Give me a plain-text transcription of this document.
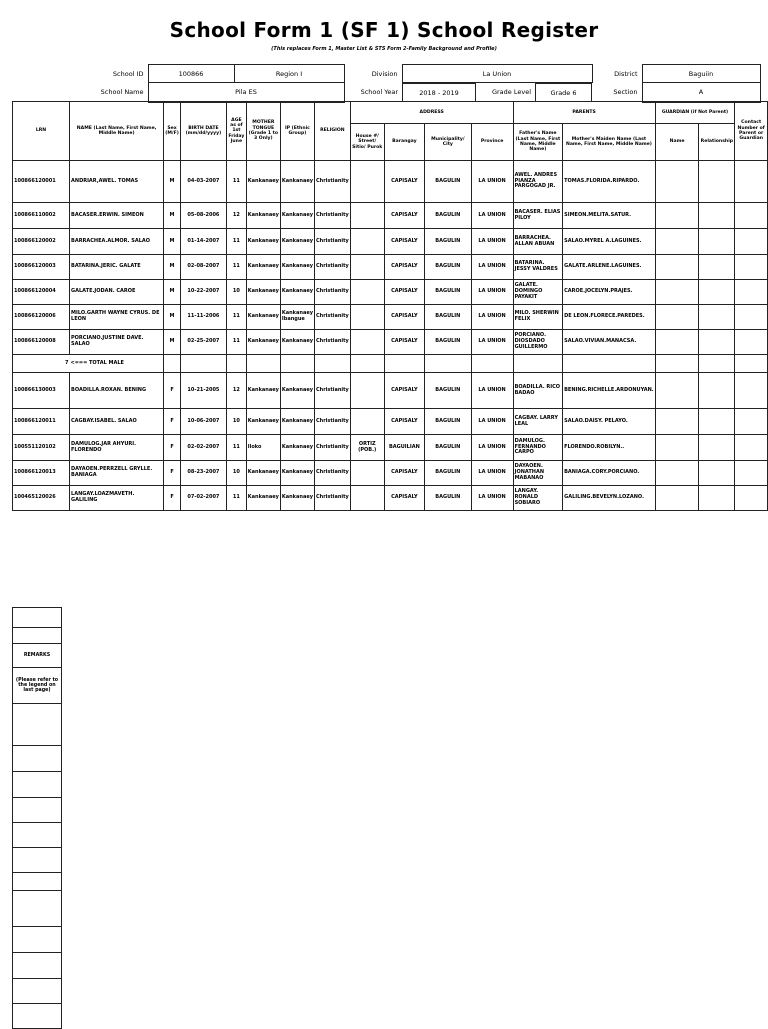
School Form 1 (SF 1) School Register
(This replaces Form 1, Master List & STS Form 2-Family Background and Profile)
School ID	100866	Region I	Division	La Union	District	Baguiin
School Name	Pila ES	School Year		2018 - 2019	Grade Level	Grade 6
		Section	A
LRN	NAME (Last Name, First Name, Middle Name)	Sex (M/F)	BIRTH DATE (mm/dd/yyyy)	AGE as of 1st Friday June	MOTHER TONGUE (Grade 1 to 3 Only)	IP (Ethnic Group)	RELIGION	ADDRESS				PARENTS		GUARDIAN (if Not Parent)		Contact Number of Parent or Guardian
								House #/ Street/ Sitio/ Purok	Barangay	Municipality/ City	Province	Father's Name (Last Name, First Name, Middle Name)	Mother's Maiden Name (Last Name, First Name, Middle Name)	Name	Relationship	
100866120001	ANDRIAR,AWEL. TOMAS	M	04-03-2007	11	Kankanaey	Kankanaey	Christianity		CAPISALY	BAGULIN	LA UNION	AWEL. ANDRES PIANZA PARGOGAD JR.	TOMAS.FLORIDA.RIPARDO.			
100866110002	BACASER.ERWIN. SIMEON	M	05-08-2006	12	Kankanaey	Kankanaey	Christianity		CAPISALY	BAGULIN	LA UNION	BACASER. ELIAS PILOY	SIMEON.MELITA.SATUR.			
100866120002	BARRACHEA.ALMOR. SALAO	M	01-14-2007	11	Kankanaey	Kankanaey	Christianity		CAPISALY	BAGULIN	LA UNION	BARRACHEA. ALLAN ABUAN	SALAO.MYREL A.LAGUINES.			
100866120003	BATARINA.JERIC. GALATE	M	02-08-2007	11	Kankanaey	Kankanaey	Christianity		CAPISALY	BAGULIN	LA UNION	BATARINA. JESSY VALDRES	GALATE.ARLENE.LAGUINES.			
100866120004	GALATE.JODAN. CAROE	M	10-22-2007	10	Kankanaey	Kankanaey	Christianity		CAPISALY	BAGULIN	LA UNION	GALATE. DOMINGO PAYAKIT	CAROE.JOCELYN.PRAJES.			
100866120006	MILO.GARTH WAYNE CYRUS. DE LEON	M	11-11-2006	11	Kankanaey	Kankanaey Ibangue	Christianity		CAPISALY	BAGULIN	LA UNION	MILO. SHERWIN FELIX	DE LEON.FLORECE.PAREDES.			
100866120008	PORCIANO.JUSTINE DAVE. SALAO	M	02-25-2007	11	Kankanaey	Kankanaey	Christianity		CAPISALY	BAGULIN	LA UNION	PORCIANO. DIOSDADO GUILLERMO	SALAO.VIVIAN.MANACSA.			
7	<=== TOTAL MALE															
100866130003	BOADILLA.ROXAN. BENING	F	10-21-2005	12	Kankanaey	Kankanaey	Christianity		CAPISALY	BAGULIN	LA UNION	BOADILLA. RICO BADAO	BENING.RICHELLE.ARDONUYAN.			
100866120011	CAGBAY.ISABEL. SALAO	F	10-06-2007	10	Kankanaey	Kankanaey	Christianity		CAPISALY	BAGULIN	LA UNION	CAGBAY. LARRY LEAL	SALAO.DAISY. PELAYO.			
100551120102	DAMULOG.JAR AHYURI. FLORENDO	F	02-02-2007	11	Iloko	Kankanaey	Christianity	ORTIZ (POB.)	BAGUILIAN	BAGULIN	LA UNION	DAMULOG. FERNANDO CARPO	FLORENDO.ROBILYN..			
100866120013	DAYAOEN.PERRZELL GRYLLE. BANIAGA	F	08-23-2007	10	Kankanaey	Kankanaey	Christianity		CAPISALY	BAGULIN	LA UNION	DAYAOEN. JONATHAN MABANAO	BANIAGA.CORY.PORCIANO.			
100465120026	LANGAY.LOAZMAVETH. GALILING	F	07-02-2007	11	Kankanaey	Kankanaey	Christianity		CAPISALY	BAGULIN	LA UNION	LANGAY. RONALD SOBIARO	GALILING.BEVELYN.LOZANO.			

REMARKS
(Please refer to the legend on last page)
